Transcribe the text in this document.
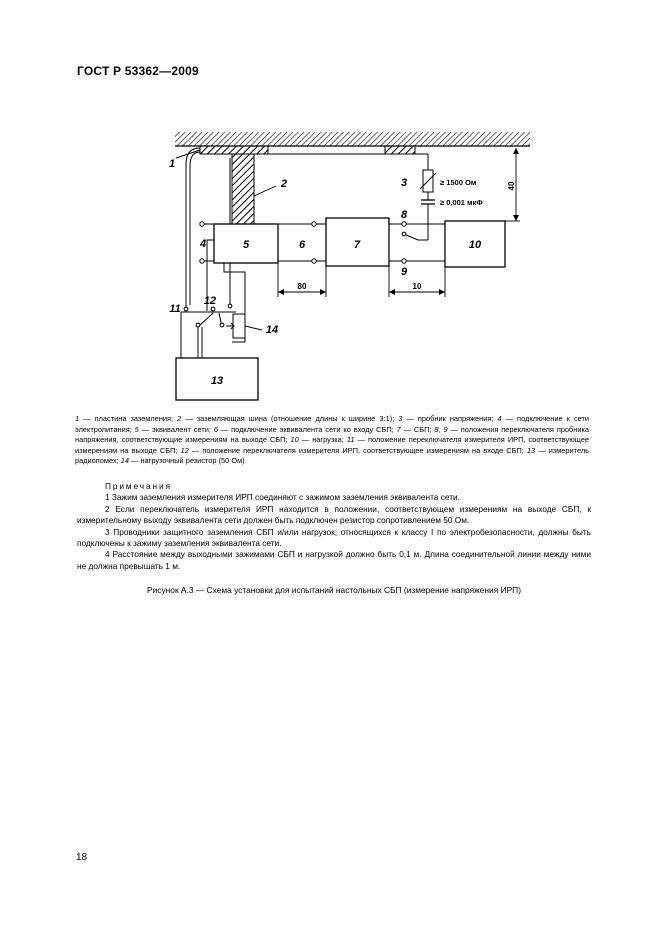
ГОСТ Р 53362—2009
5
4	6	7
8
9
10
3	≥ 1500 Ом
≥ 0,001 мкФ
40
80	10
11
12
14
13
1
2
1 — пластина заземления; 2 — заземляющая шина (отношение длины к ширине 3:1); 3 — пробник напряжения; 4 — подключение к сети электропитания; 5 — эквивалент сети; 6 — подключение эквивалента сети ко входу СБП; 7 — СБП; 8, 9 — положения переключателя пробника напряжения, соответствующие измерениям на выходе СБП; 10 — нагрузка; 11 — положение переключателя измерителя ИРП, соответствующее измерениям на выходе СБП; 12 — положение переключателя измерителя ИРП, соответствующее измерениям на входе СБП; 13 — измеритель радиопомех; 14 — нагрузочный резистор (50 Ом)
Примечания

1 Зажим заземления измерителя ИРП соединяют с зажимом заземления эквивалента сети.

2 Если переключатель измерителя ИРП находится в положении, соответствующем измерениям на выходе СБП, к измерительному выходу эквивалента сети должен быть подключен резистор сопротивлением 50 Ом.

3 Проводники защитного заземления СБП и/или нагрузок, относящихся к классу I по электробезопасности, должны быть подключены к зажиму заземления эквивалента сети.

4 Расстояние между выходными зажимами СБП и нагрузкой должно быть 0,1 м. Длина соединительной линии между ними не должна превышать 1 м.

Рисунок А.3 — Схема установки для испытаний настольных СБП (измерение напряжения ИРП)
18
